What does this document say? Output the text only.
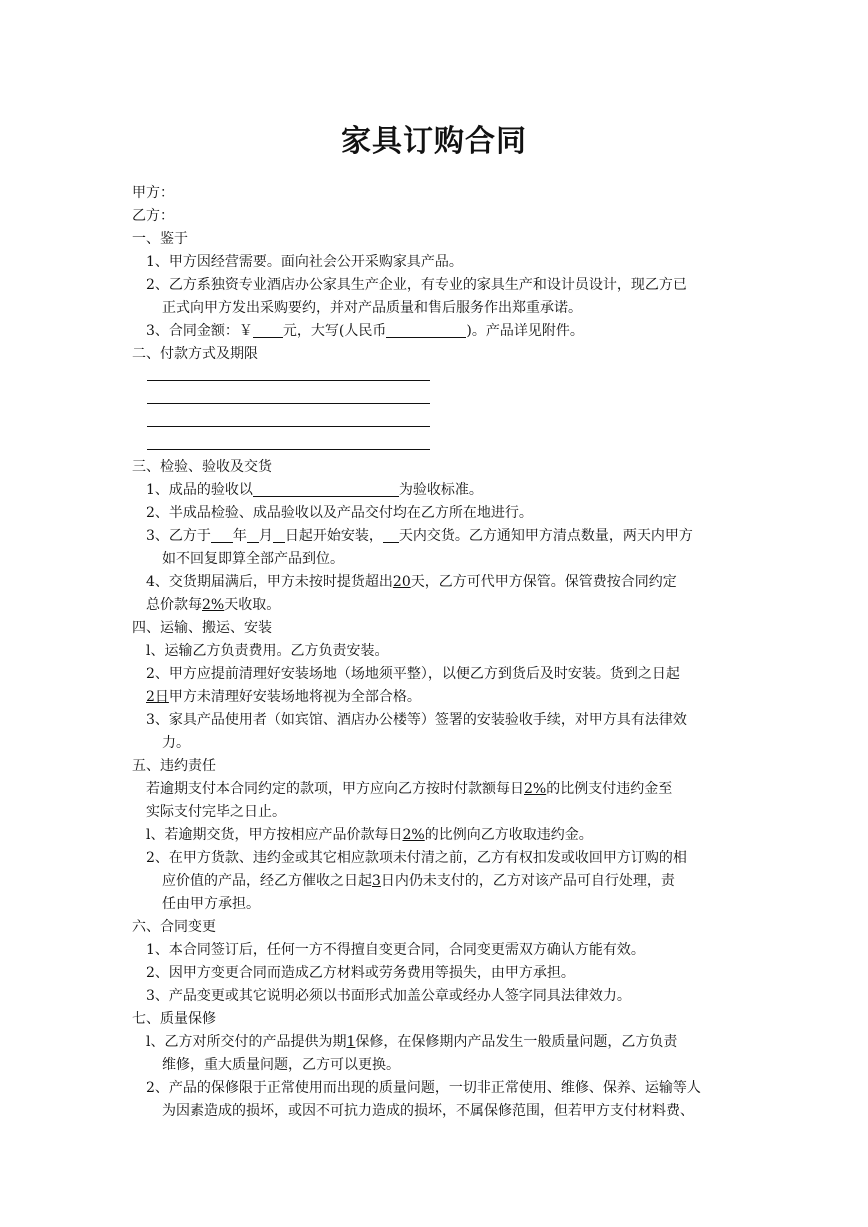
家具订购合同
甲方：
乙方：
一、鉴于
1、甲方因经营需要。面向社会公开采购家具产品。
2、乙方系独资专业酒店办公家具生产企业，有专业的家具生产和设计员设计，现乙方已
正式向甲方发出采购要约，并对产品质量和售后服务作出郑重承诺。
3、合同金额：￥ 元，大写(人民币	)。产品详见附件。
二、付款方式及期限
三、检验、验收及交货
1、成品的验收以	为验收标准。
2、半成品检验、成品验收以及产品交付均在乙方所在地进行。
3、乙方于 年 月 日起开始安装， 天内交货。乙方通知甲方清点数量，两天内甲方
如不回复即算全部产品到位。
4、交货期届满后，甲方未按时提货超出20天，乙方可代甲方保管。保管费按合同约定
总价款每2%天收取。
四、运输、搬运、安装
l、运输乙方负责费用。乙方负责安装。
2、甲方应提前清理好安装场地（场地须平整），以便乙方到货后及时安装。货到之日起
2日甲方未清理好安装场地将视为全部合格。
3、家具产品使用者（如宾馆、酒店办公楼等）签署的安装验收手续，对甲方具有法律效
力。
五、违约责任
若逾期支付本合同约定的款项，甲方应向乙方按时付款额每日2%的比例支付违约金至
实际支付完毕之日止。
l、若逾期交货，甲方按相应产品价款每日2%的比例向乙方收取违约金。
2、在甲方货款、违约金或其它相应款项未付清之前，乙方有权扣发或收回甲方订购的相
应价值的产品，经乙方催收之日起3日内仍未支付的，乙方对该产品可自行处理，责
任由甲方承担。
六、合同变更
1、本合同签订后，任何一方不得擅自变更合同，合同变更需双方确认方能有效。
2、因甲方变更合同而造成乙方材料或劳务费用等损失，由甲方承担。
3、产品变更或其它说明必须以书面形式加盖公章或经办人签字同具法律效力。
七、质量保修
l、乙方对所交付的产品提供为期1保修，在保修期内产品发生一般质量问题，乙方负责
维修，重大质量问题，乙方可以更换。
2、产品的保修限于正常使用而出现的质量问题，一切非正常使用、维修、保养、运输等人
为因素造成的损坏，或因不可抗力造成的损坏，不属保修范围，但若甲方支付材料费、
